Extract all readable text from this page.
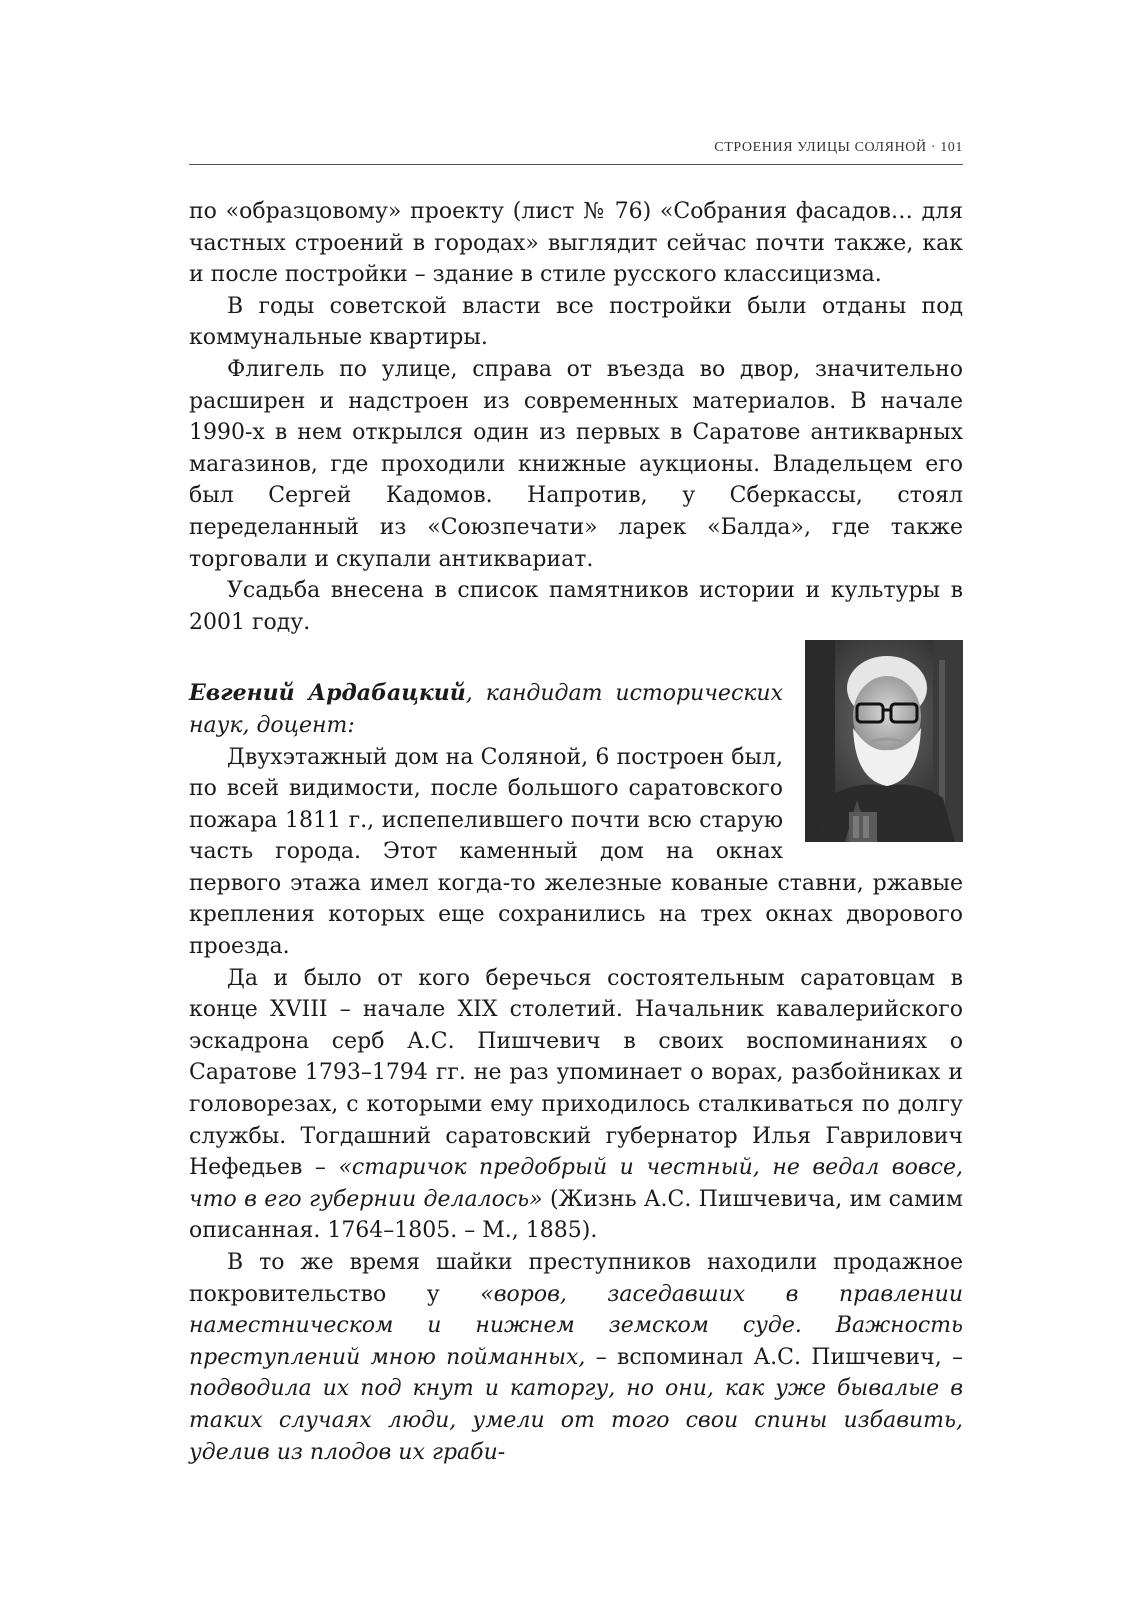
СТРОЕНИЯ УЛИЦЫ СОЛЯНОЙ · 101

по «образцовому» проекту (лист № 76) «Собрания фасадов… для частных строений в городах» выглядит сейчас почти также, как и после постройки – здание в стиле русского классицизма.

В годы советской власти все постройки были отданы под коммунальные квартиры.

Флигель по улице, справа от въезда во двор, значительно расширен и надстроен из современных материалов. В начале 1990-х в нем открылся один из первых в Саратове антикварных магазинов, где проходили книжные аукционы. Владельцем его был Сергей Кадомов. Напротив, у Сберкассы, стоял переделанный из «Союзпечати» ларек «Балда», где также торговали и скупали антиквариат.

Усадьба внесена в список памятников истории и культуры в 2001 году.

Евгений Ардабацкий, кандидат исторических наук, доцент:

Двухэтажный дом на Соляной, 6 построен был, по всей видимости, после большого саратовского пожара 1811 г., испепелившего почти всю старую часть города. Этот каменный дом на окнах первого этажа имел когда-то железные кованые ставни, ржавые крепления которых еще сохранились на трех окнах дворового проезда.

Да и было от кого беречься состоятельным саратовцам в конце XVIII – начале XIX столетий. Начальник кавалерийского эскадрона серб А.С. Пишчевич в своих воспоминаниях о Саратове 1793–1794 гг. не раз упоминает о ворах, разбойниках и головорезах, с которыми ему приходилось сталкиваться по долгу службы. Тогдашний саратовский губернатор Илья Гаврилович Нефедьев – «старичок предобрый и честный, не ведал вовсе, что в его губернии делалось» (Жизнь А.С. Пишчевича, им самим описанная. 1764–1805. – М., 1885).

В то же время шайки преступников находили продажное покровительство у «воров, заседавших в правлении наместническом и нижнем земском суде. Важность преступлений мною пойманных, – вспоминал А.С. Пишчевич, – подводила их под кнут и каторгу, но они, как уже бывалые в таких случаях люди, умели от того свои спины избавить, уделив из плодов их граби-
